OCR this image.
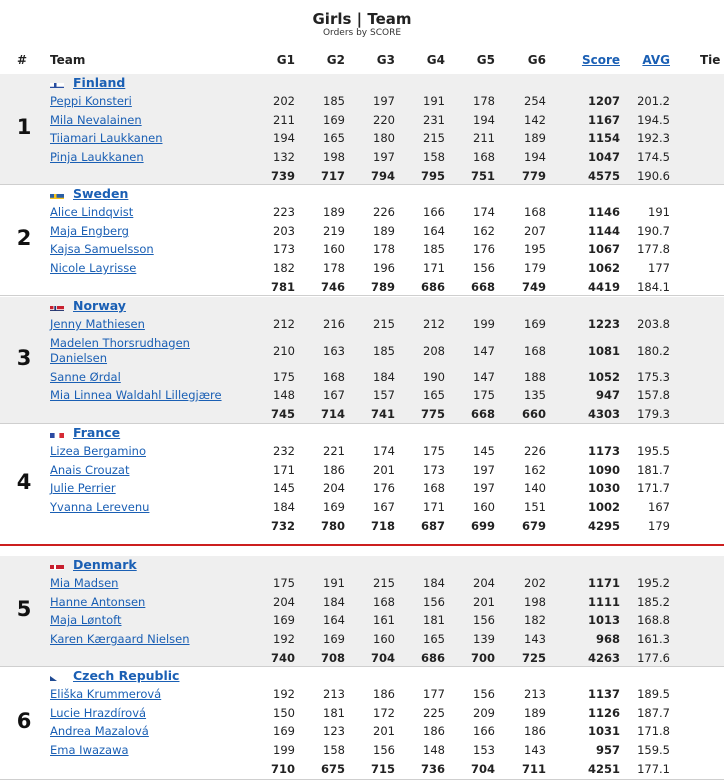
Girls | Team
Orders by SCORE
# Team	G1	G2	G3	G4	G5	G6	Score	AVG	Tie
1
Finland
Peppi Konsteri	202	185	197	191	178	254	1207	201.2
Mila Nevalainen	211	169	220	231	194	142	1167	194.5
Tiiamari Laukkanen	194	165	180	215	211	189	1154	192.3
Pinja Laukkanen	132	198	197	158	168	194	1047	174.5
739	717	794	795	751	779	4575	190.6
2
Sweden
Alice Lindqvist	223	189	226	166	174	168	1146	191
Maja Engberg	203	219	189	164	162	207	1144	190.7
Kajsa Samuelsson	173	160	178	185	176	195	1067	177.8
Nicole Layrisse	182	178	196	171	156	179	1062	177
781	746	789	686	668	749	4419	184.1
3
Norway
Jenny Mathiesen	212	216	215	212	199	169	1223	203.8
Madelen Thorsrudhagen
Danielsen	210	163	185	208	147	168	1081	180.2
Sanne Ørdal	175	168	184	190	147	188	1052	175.3
Mia Linnea Waldahl Lillegjære	148	167	157	165	175	135	947	157.8
745	714	741	775	668	660	4303	179.3
4
France
Lizea Bergamino	232	221	174	175	145	226	1173	195.5
Anais Crouzat	171	186	201	173	197	162	1090	181.7
Julie Perrier	145	204	176	168	197	140	1030	171.7
Yvanna Lerevenu	184	169	167	171	160	151	1002	167
732	780	718	687	699	679	4295	179
5
Denmark
Mia Madsen	175	191	215	184	204	202	1171	195.2
Hanne Antonsen	204	184	168	156	201	198	1111	185.2
Maja Løntoft	169	164	161	181	156	182	1013	168.8
Karen Kærgaard Nielsen	192	169	160	165	139	143	968	161.3
740	708	704	686	700	725	4263	177.6
6
Czech Republic
Eliška Krummerová	192	213	186	177	156	213	1137	189.5
Lucie Hrazdírová	150	181	172	225	209	189	1126	187.7
Andrea Mazalová	169	123	201	186	166	186	1031	171.8
Ema Iwazawa	199	158	156	148	153	143	957	159.5
710	675	715	736	704	711	4251	177.1
